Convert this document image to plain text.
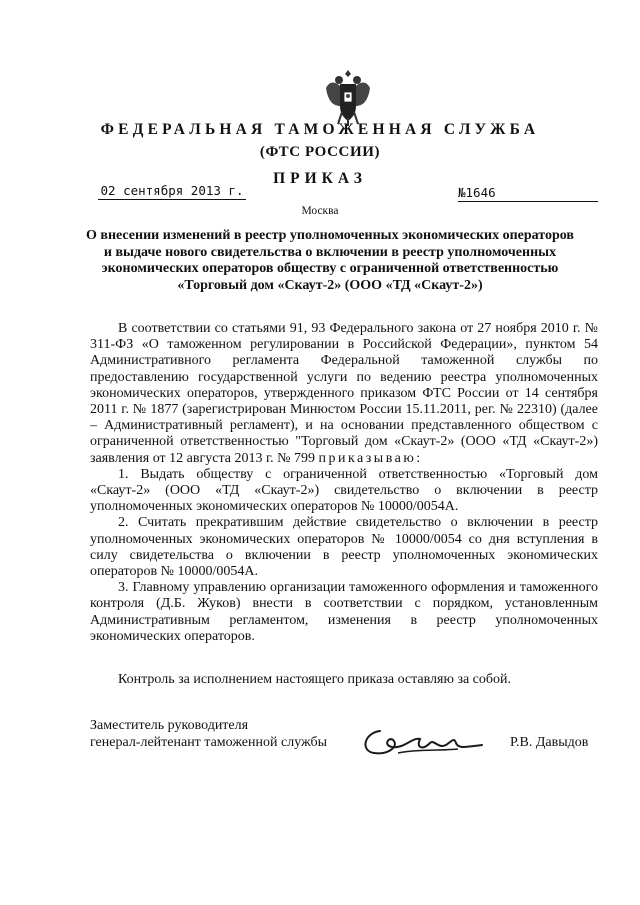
ФЕДЕРАЛЬНАЯ ТАМОЖЕННАЯ СЛУЖБА
(ФТС РОССИИ)
ПРИКАЗ
02 сентября 2013 г.	№1646
Москва
О внесении изменений в реестр уполномоченных экономических операторов
и выдаче нового свидетельства о включении в реестр уполномоченных
экономических операторов обществу с ограниченной ответственностью
«Торговый дом «Скаут-2» (ООО «ТД «Скаут-2»)

В соответствии со статьями 91, 93 Федерального закона от 27 ноября 2010 г. № 311-ФЗ «О таможенном регулировании в Российской Федерации», пунктом 54 Административного регламента Федеральной таможенной службы по предоставлению государственной услуги по ведению реестра уполномоченных экономических операторов, утвержденного приказом ФТС России от 14 сентября 2011 г. № 1877 (зарегистрирован Минюстом России 15.11.2011, рег. № 22310) (далее – Административный регламент), и на основании представленного обществом с ограниченной ответственностью "Торговый дом «Скаут-2» (ООО «ТД «Скаут-2») заявления от 12 августа 2013 г. № 799 приказываю:

1. Выдать обществу с ограниченной ответственностью «Торговый дом «Скаут-2» (ООО «ТД «Скаут-2») свидетельство о включении в реестр уполномоченных экономических операторов № 10000/0054А.

2. Считать прекратившим действие свидетельство о включении в реестр уполномоченных экономических операторов № 10000/0054 со дня вступления в силу свидетельства о включении в реестр уполномоченных экономических операторов № 10000/0054А.

3. Главному управлению организации таможенного оформления и таможенного контроля (Д.Б. Жуков) внести в соответствии с порядком, установленным Административным регламентом, изменения в реестр уполномоченных экономических операторов.

Контроль за исполнением настоящего приказа оставляю за собой.
Заместитель руководителя
генерал-лейтенант таможенной службы	Р.В. Давыдов
